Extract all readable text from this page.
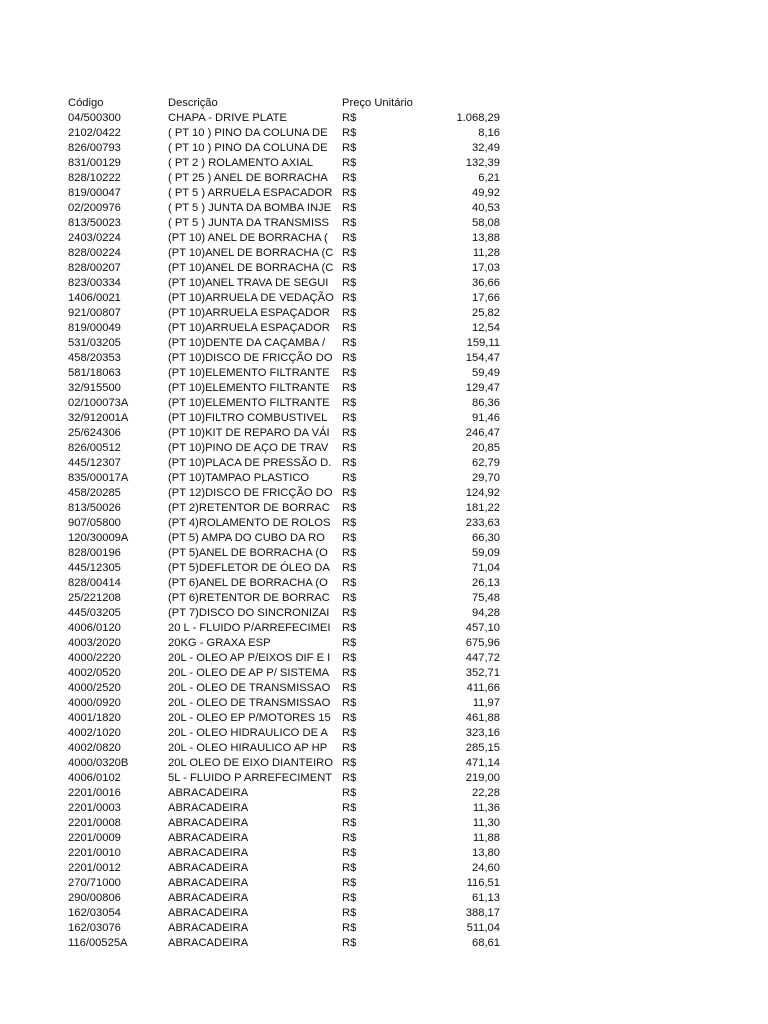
Código	Descrição	Preço Unitário
04/500300	CHAPA - DRIVE PLATE	R$	1.068,29
2102/0422	( PT 10 ) PINO DA COLUNA DE	R$	8,16
826/00793	( PT 10 ) PINO DA COLUNA DE	R$	32,49
831/00129	( PT 2 ) ROLAMENTO AXIAL	R$	132,39
828/10222	( PT 25 ) ANEL DE BORRACHA	R$	6,21
819/00047	( PT 5 ) ARRUELA ESPACADOR R$	49,92
02/200976	( PT 5 ) JUNTA DA BOMBA INJE R$	40,53
813/50023	( PT 5 ) JUNTA DA TRANSMISS	R$	58,08
2403/0224	(PT 10) ANEL DE BORRACHA (	R$	13,88
828/00224	(PT 10)ANEL DE BORRACHA (C R$	11,28
828/00207	(PT 10)ANEL DE BORRACHA (C R$	17,03
823/00334	(PT 10)ANEL TRAVA DE SEGUI	R$	36,66
1406/0021	(PT 10)ARRUELA DE VEDAÇÃO R$	17,66
921/00807	(PT 10)ARRUELA ESPAÇADOR	R$	25,82
819/00049	(PT 10)ARRUELA ESPAÇADOR	R$	12,54
531/03205	(PT 10)DENTE DA CAÇAMBA /	R$	159,11
458/20353	(PT 10)DISCO DE FRICÇÃO DO R$	154,47
581/18063	(PT 10)ELEMENTO FILTRANTE	R$	59,49
32/915500	(PT 10)ELEMENTO FILTRANTE	R$	129,47
02/100073A	(PT 10)ELEMENTO FILTRANTE	R$	86,36
32/912001A	(PT 10)FILTRO COMBUSTIVEL	R$	91,46
25/624306	(PT 10)KIT DE REPARO DA VÁI	R$	246,47
826/00512	(PT 10)PINO DE AÇO DE TRAV	R$	20,85
445/12307	(PT 10)PLACA DE PRESSÃO D. R$	62,79
835/00017A	(PT 10)TAMPAO PLASTICO	R$	29,70
458/20285	(PT 12)DISCO DE FRICÇÃO DO R$	124,92
813/50026	(PT 2)RETENTOR DE BORRAC	R$	181,22
907/05800	(PT 4)ROLAMENTO DE ROLOS	R$	233,63
120/30009A	(PT 5) AMPA DO CUBO DA RO	R$	66,30
828/00196	(PT 5)ANEL DE BORRACHA (O	R$	59,09
445/12305	(PT 5)DEFLETOR DE ÓLEO DA	R$	71,04
828/00414	(PT 6)ANEL DE BORRACHA (O	R$	26,13
25/221208	(PT 6)RETENTOR DE BORRAC	R$	75,48
445/03205	(PT 7)DISCO DO SINCRONIZAI	R$	94,28
4006/0120	20 L - FLUIDO P/ARREFECIMEI	R$	457,10
4003/2020	20KG - GRAXA ESP	R$	675,96
4000/2220	20L - OLEO AP P/EIXOS DIF E I	R$	447,72
4002/0520	20L - OLEO DE AP P/ SISTEMA	R$	352,71
4000/2520	20L - OLEO DE TRANSMISSAO	R$	411,66
4000/0920	20L - OLEO DE TRANSMISSAO	R$	11,97
4001/1820	20L - OLEO EP P/MOTORES 15	R$	461,88
4002/1020	20L - OLEO HIDRAULICO DE A	R$	323,16
4002/0820	20L - OLEO HIRAULICO AP HP	R$	285,15
4000/0320B	20L OLEO DE EIXO DIANTEIRO R$	471,14
4006/0102	5L - FLUIDO P ARREFECIMENT R$	219,00
2201/0016	ABRACADEIRA	R$	22,28
2201/0003	ABRACADEIRA	R$	11,36
2201/0008	ABRACADEIRA	R$	11,30
2201/0009	ABRACADEIRA	R$	11,88
2201/0010	ABRACADEIRA	R$	13,80
2201/0012	ABRACADEIRA	R$	24,60
270/71000	ABRACADEIRA	R$	116,51
290/00806	ABRACADEIRA	R$	61,13
162/03054	ABRACADEIRA	R$	388,17
162/03076	ABRACADEIRA	R$	511,04
116/00525A	ABRACADEIRA	R$	68,61
